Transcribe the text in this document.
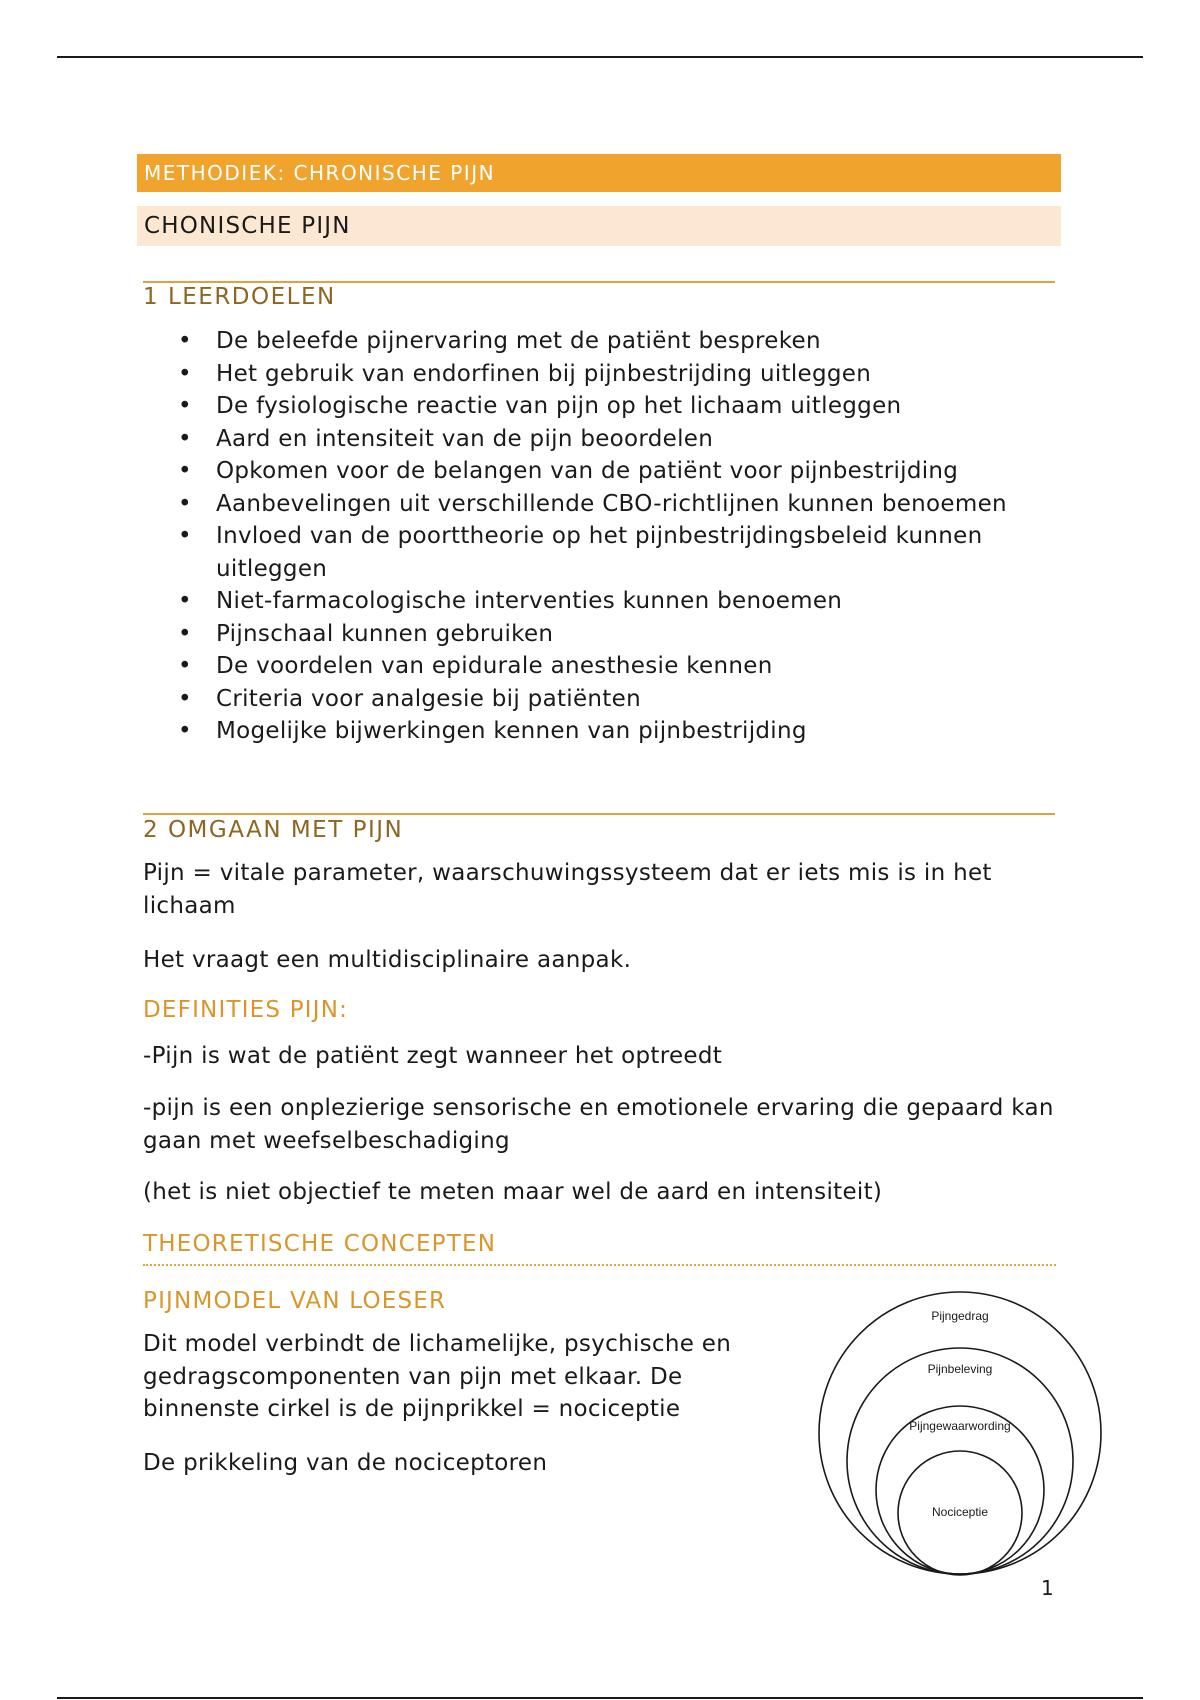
METHODIEK: CHRONISCHE PIJN
CHONISCHE PIJN
1 LEERDOELEN
• De beleefde pijnervaring met de patiënt bespreken
• Het gebruik van endorfinen bij pijnbestrijding uitleggen
• De fysiologische reactie van pijn op het lichaam uitleggen
• Aard en intensiteit van de pijn beoordelen
• Opkomen voor de belangen van de patiënt voor pijnbestrijding
• Aanbevelingen uit verschillende CBO-richtlijnen kunnen benoemen
• Invloed van de poorttheorie op het pijnbestrijdingsbeleid kunnen uitleggen
• Niet-farmacologische interventies kunnen benoemen
• Pijnschaal kunnen gebruiken
• De voordelen van epidurale anesthesie kennen
• Criteria voor analgesie bij patiënten
• Mogelijke bijwerkingen kennen van pijnbestrijding
2 OMGAAN MET PIJN

Pijn = vitale parameter, waarschuwingssysteem dat er iets mis is in het lichaam

Het vraagt een multidisciplinaire aanpak.

DEFINITIES PIJN:

-Pijn is wat de patiënt zegt wanneer het optreedt

-pijn is een onplezierige sensorische en emotionele ervaring die gepaard kan gaan met weefselbeschadiging

(het is niet objectief te meten maar wel de aard en intensiteit)

THEORETISCHE CONCEPTEN
PIJNMODEL VAN LOESER

Dit model verbindt de lichamelijke, psychische en gedragscomponenten van pijn met elkaar. De binnenste cirkel is de pijnprikkel = nociceptie

De prikkeling van de nociceptoren

Pijngedrag
Pijnbeleving
Pijngewaarwording
Nociceptie
1
